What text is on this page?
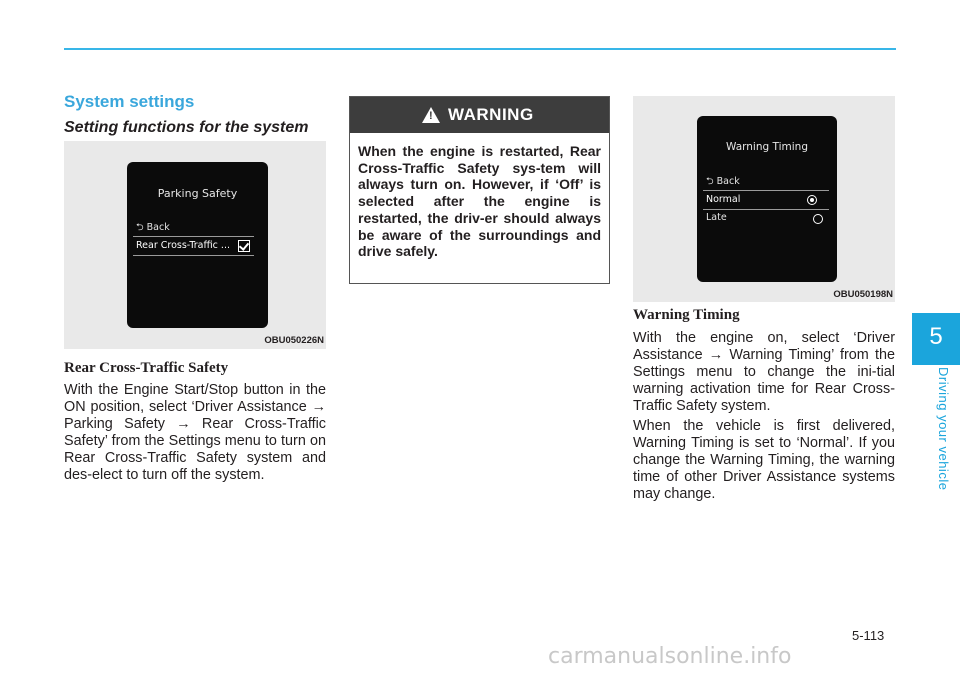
System settings
Setting functions for the system
Parking Safety
⮌ Back
Rear Cross-Traffic ...
OBU050226N
Rear Cross-Traffic Safety
With the Engine Start/Stop button in the ON position, select ‘Driver Assistance → Parking Safety → Rear Cross-Traffic Safety’ from the Settings menu to turn on Rear Cross-Traffic Safety system and des-elect to turn off the system.
! WARNING
When the engine is restarted, Rear Cross-Traffic Safety sys-tem will always turn on. However, if ‘Off’ is selected after the engine is restarted, the driv-er should always be aware of the surroundings and drive safely.
Warning Timing
⮌ Back
Normal
Late
OBU050198N
Warning Timing
With the engine on, select ‘Driver Assistance → Warning Timing’ from the Settings menu to change the ini-tial warning activation time for Rear Cross- Traffic Safety system.
When the vehicle is first delivered, Warning Timing is set to ‘Normal’. If you change the Warning Timing, the warning time of other Driver Assistance systems may change.
5
Driving your vehicle
5-113
carmanualsonline.info
